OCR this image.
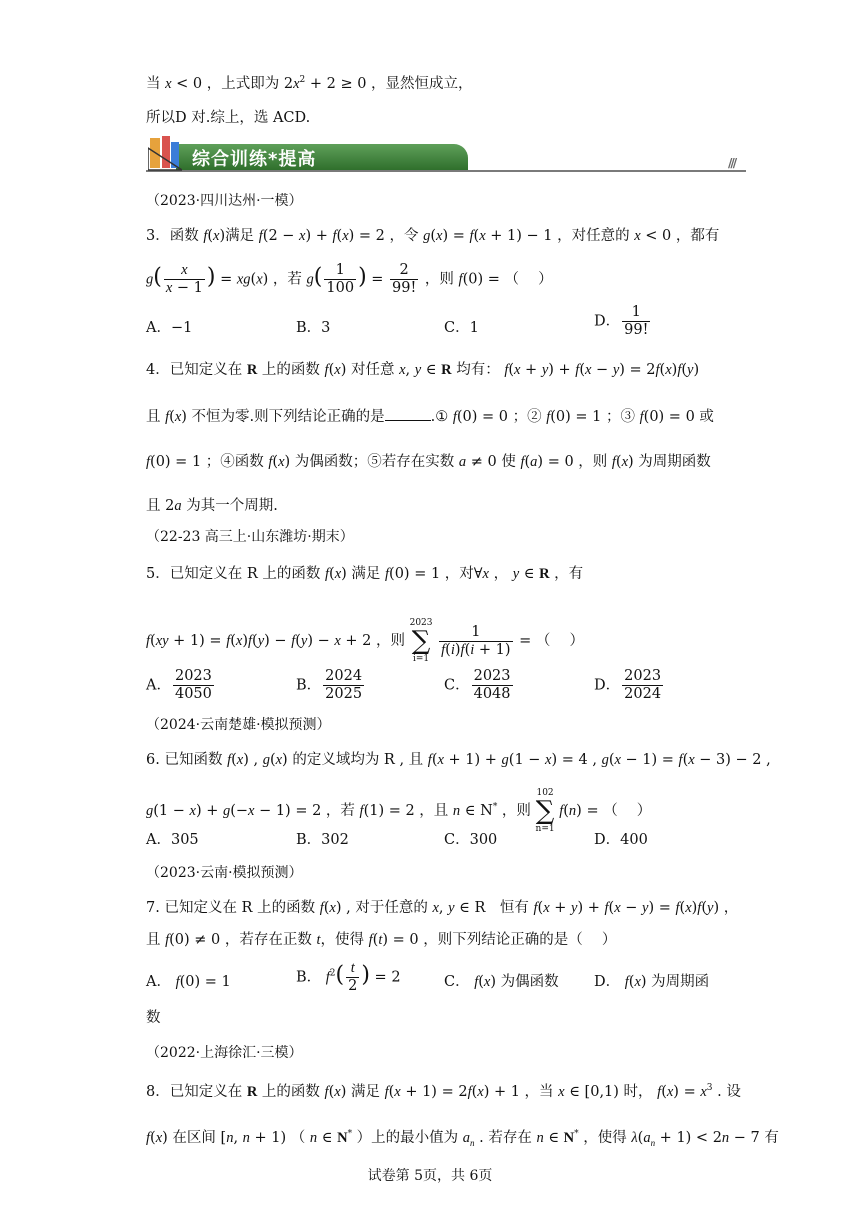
当 x < 0 ，上式即为 $2x^2 + 2 \ge 0$ ，显然恒成立，
所以D 对.综上，选 ACD.
综合训练*提高	///
（2023·四川达州·一模）
3．函数 f(x)满足 f(2 − x) + f(x) = 2 ，令 g(x) = f(x + 1) − 1 ，对任意的 x < 0 ，都有
$g( \frac{x}{x - 1}$ ) = xg(x) ，若 $g( \frac{1}{100}$ ) = $\frac{2}{99!}$ ，则 f(0) = （　 ）
A．−1	B．3	C．1	D． $\frac{1}{99!}$
4．已知定义在 R 上的函数 f(x) 对任意 x, y ∈ R 均有： f(x + y) + f(x − y) = 2f(x)f(y)
且 f(x) 不恒为零.则下列结论正确的是	.① f(0) = 0 ；② f(0) = 1 ；③ f(0) = 0 或
f(0) = 1 ；④函数 f(x) 为偶函数；⑤若存在实数 a ≠ 0 使 f(a) = 0 ，则 f(x) 为周期函数
且 2a 为其一个周期.
（22-23 高三上·山东潍坊·期末）
5．已知定义在 R 上的函数 f(x) 满足 f(0) = 1 ，对∀x ， y ∈ R ，有
f(xy + 1) = f(x)f(y) − f(y) − x + 2 ，则 2023
∑
i=1
$\frac{1}{f(i)f(i + 1)}$ = （　 ）
A． $\frac{2023}{4050}$	B． $\frac{2024}{2025}$	C． $\frac{2023}{4048}$	D． $\frac{2023}{2024}$
（2024·云南楚雄·模拟预测）
6. 已知函数 f(x) , g(x) 的定义域均为 R , 且 f(x + 1) + g(1 − x) = 4 , g(x − 1) = f(x − 3) − 2 ,
g(1 − x) + g(−x − 1) = 2 ，若 f(1) = 2 ，且 n ∈ N* ，则 102
∑
n=1 f(n) = （　 ）
A．305	B．302	C．300	D．400
（2023·云南·模拟预测）
7. 已知定义在 R 上的函数 f(x) , 对于任意的 x, y ∈ R　恒有 f(x + y) + f(x − y) = f(x)f(y) ，
且 f(0) ≠ 0 ，若存在正数 t，使得 f(t) = 0 ，则下列结论正确的是（　 ）
A． f(0) = 1	B． $f^2( \frac{t}{2}$ ) = 2	C． f(x) 为偶函数 D． f(x) 为周期函
数
（2022·上海徐汇·三模）
8．已知定义在 R 上的函数 f(x) 满足 f(x + 1) = 2f(x) + 1 ，当 x ∈ [0,1) 时， $f(x) = x^3$ . 设
f(x) 在区间 [n, n + 1) （ n ∈ N* ）上的最小值为 $a_n$ . 若存在 n ∈ N* ，使得 $\lambda(a_n + 1) < 2n - 7$ 有
试卷第 5页，共 6页
